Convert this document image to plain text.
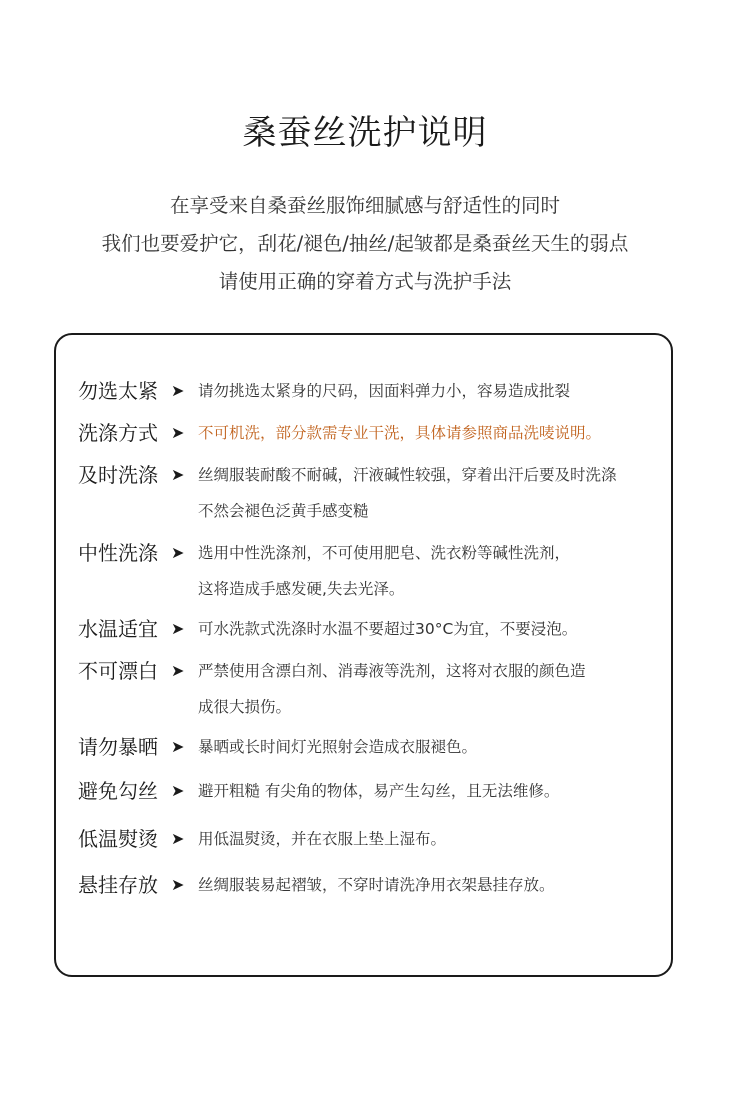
桑蚕丝洗护说明
在享受来自桑蚕丝服饰细腻感与舒适性的同时
我们也要爱护它，刮花/褪色/抽丝/起皱都是桑蚕丝天生的弱点
请使用正确的穿着方式与洗护手法
勿选太紧 ➤ 请勿挑选太紧身的尺码，因面料弹力小，容易造成批裂
洗涤方式 ➤ 不可机洗，部分款需专业干洗，具体请参照商品洗唛说明。
及时洗涤 ➤ 丝绸服装耐酸不耐碱，汗液碱性较强，穿着出汗后要及时洗涤
不然会褪色泛黄手感变糙
中性洗涤 ➤ 选用中性洗涤剂，不可使用肥皂、洗衣粉等碱性洗剂，
这将造成手感发硬,失去光泽。
水温适宜 ➤ 可水洗款式洗涤时水温不要超过30°C为宜，不要浸泡。
不可漂白 ➤ 严禁使用含漂白剂、消毒液等洗剂，这将对衣服的颜色造
成很大损伤。
请勿暴晒 ➤ 暴晒或长时间灯光照射会造成衣服褪色。
避免勾丝 ➤ 避开粗糙 有尖角的物体，易产生勾丝，且无法维修。
低温熨烫 ➤ 用低温熨烫，并在衣服上垫上湿布。
悬挂存放 ➤ 丝绸服装易起褶皱，不穿时请洗净用衣架悬挂存放。
